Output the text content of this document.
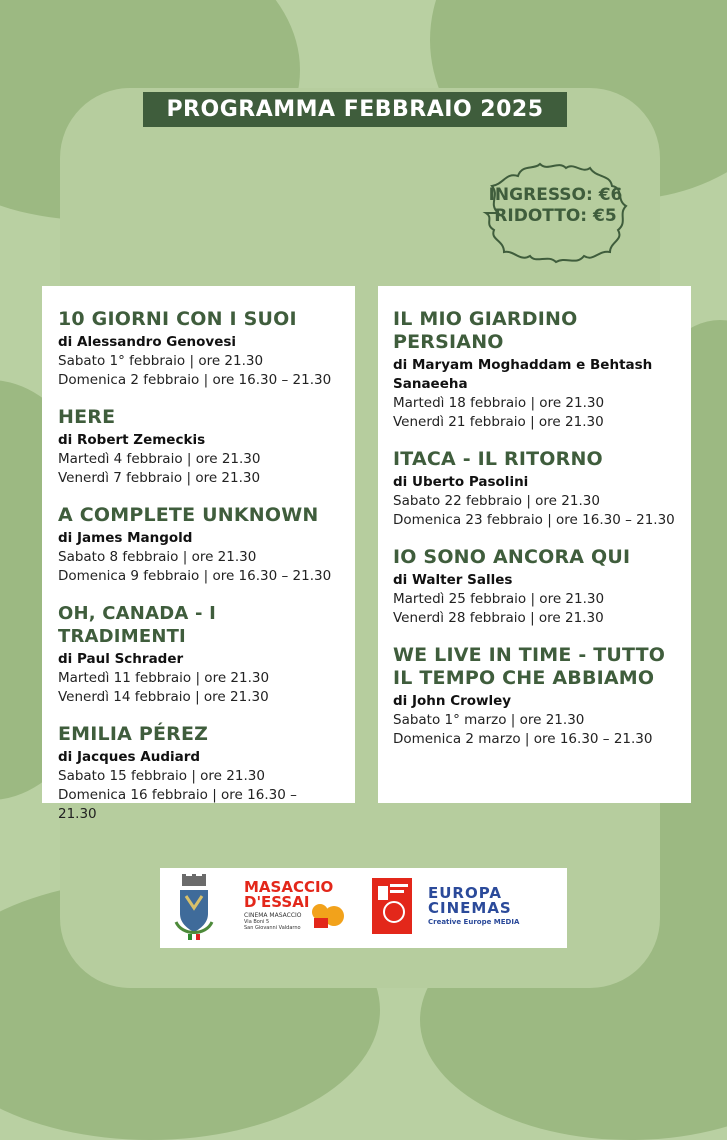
PROGRAMMA FEBBRAIO 2025
INGRESSO: €6
RIDOTTO: €5
10 GIORNI CON I SUOI
di Alessandro Genovesi
Sabato 1° febbraio | ore 21.30
Domenica 2 febbraio | ore 16.30 – 21.30
HERE
di Robert Zemeckis
Martedì 4 febbraio | ore 21.30
Venerdì 7 febbraio | ore 21.30
A COMPLETE UNKNOWN
di James Mangold
Sabato 8 febbraio | ore 21.30
Domenica 9 febbraio | ore 16.30 – 21.30
OH, CANADA - I TRADIMENTI
di Paul Schrader
Martedì 11 febbraio | ore 21.30
Venerdì 14 febbraio | ore 21.30
EMILIA PÉREZ
di Jacques Audiard
Sabato 15 febbraio | ore 21.30
Domenica 16 febbraio | ore 16.30 – 21.30
IL MIO GIARDINO PERSIANO
di Maryam Moghaddam e Behtash Sanaeeha
Martedì 18 febbraio | ore 21.30
Venerdì 21 febbraio | ore 21.30
ITACA - IL RITORNO
di Uberto Pasolini
Sabato 22 febbraio | ore 21.30
Domenica 23 febbraio | ore 16.30 – 21.30
IO SONO ANCORA QUI
di Walter Salles
Martedì 25 febbraio | ore 21.30
Venerdì 28 febbraio | ore 21.30
WE LIVE IN TIME - TUTTO IL TEMPO CHE ABBIAMO
di John Crowley
Sabato 1° marzo | ore 21.30
Domenica 2 marzo | ore 16.30 – 21.30
MASACCIO
D'ESSAI
CINEMA MASACCIO
Via Boni 5
San Giovanni Valdarno
EUROPA
CINEMAS
Creative Europe MEDIA
